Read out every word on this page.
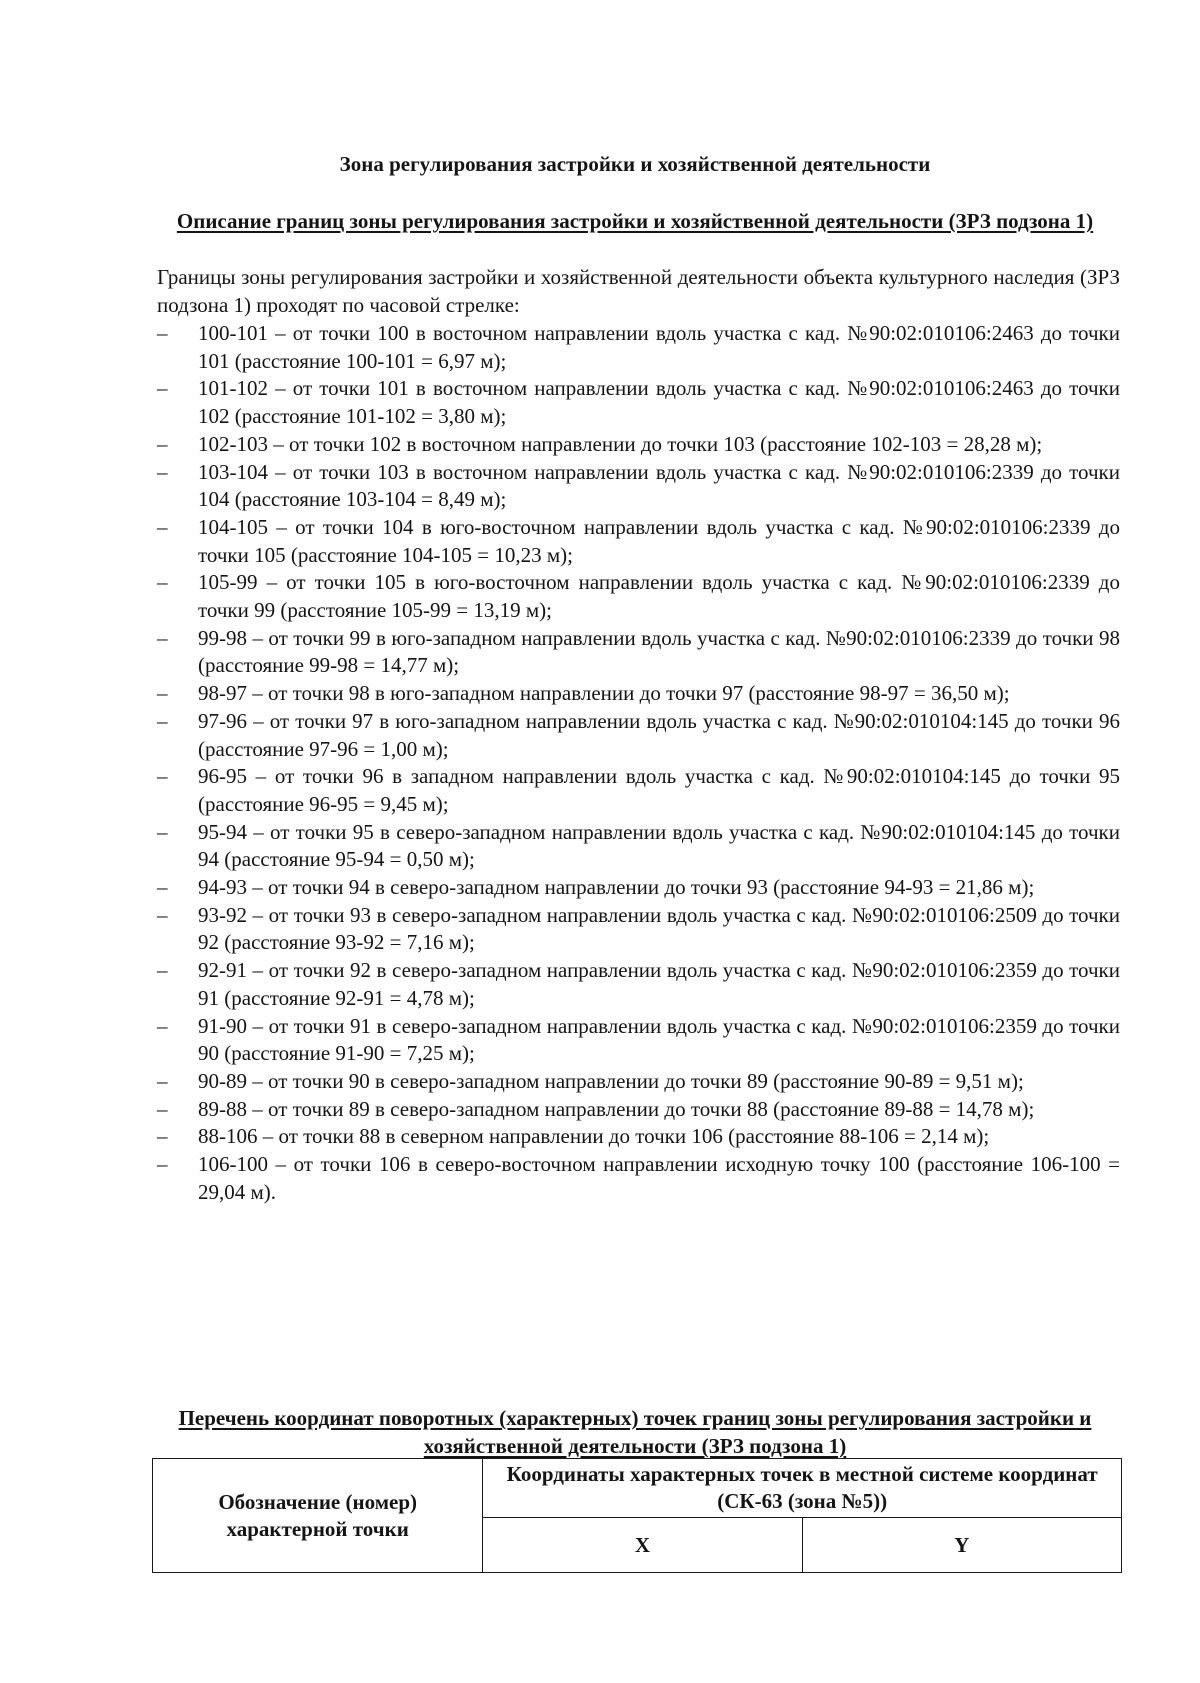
Зона регулирования застройки и хозяйственной деятельности
Описание границ зоны регулирования застройки и хозяйственной деятельности (ЗРЗ подзона 1)
Границы зоны регулирования застройки и хозяйственной деятельности объекта культурного наследия (ЗРЗ подзона 1) проходят по часовой стрелке:
– 100-101 – от точки 100 в восточном направлении вдоль участка с кад. №90:02:010106:2463 до точки 101 (расстояние 100-101 = 6,97 м);
– 101-102 – от точки 101 в восточном направлении вдоль участка с кад. №90:02:010106:2463 до точки 102 (расстояние 101-102 = 3,80 м);
– 102-103 – от точки 102 в восточном направлении до точки 103 (расстояние 102-103 = 28,28 м);
– 103-104 – от точки 103 в восточном направлении вдоль участка с кад. №90:02:010106:2339 до точки 104 (расстояние 103-104 = 8,49 м);
– 104-105 – от точки 104 в юго-восточном направлении вдоль участка с кад. №90:02:010106:2339 до точки 105 (расстояние 104-105 = 10,23 м);
– 105-99 – от точки 105 в юго-восточном направлении вдоль участка с кад. №90:02:010106:2339 до точки 99 (расстояние 105-99 = 13,19 м);
– 99-98 – от точки 99 в юго-западном направлении вдоль участка с кад. №90:02:010106:2339 до точки 98 (расстояние 99-98 = 14,77 м);
– 98-97 – от точки 98 в юго-западном направлении до точки 97 (расстояние 98-97 = 36,50 м);
– 97-96 – от точки 97 в юго-западном направлении вдоль участка с кад. №90:02:010104:145 до точки 96 (расстояние 97-96 = 1,00 м);
– 96-95 – от точки 96 в западном направлении вдоль участка с кад. №90:02:010104:145 до точки 95 (расстояние 96-95 = 9,45 м);
– 95-94 – от точки 95 в северо-западном направлении вдоль участка с кад. №90:02:010104:145 до точки 94 (расстояние 95-94 = 0,50 м);
– 94-93 – от точки 94 в северо-западном направлении до точки 93 (расстояние 94-93 = 21,86 м);
– 93-92 – от точки 93 в северо-западном направлении вдоль участка с кад. №90:02:010106:2509 до точки 92 (расстояние 93-92 = 7,16 м);
– 92-91 – от точки 92 в северо-западном направлении вдоль участка с кад. №90:02:010106:2359 до точки 91 (расстояние 92-91 = 4,78 м);
– 91-90 – от точки 91 в северо-западном направлении вдоль участка с кад. №90:02:010106:2359 до точки 90 (расстояние 91-90 = 7,25 м);
– 90-89 – от точки 90 в северо-западном направлении до точки 89 (расстояние 90-89 = 9,51 м);
– 89-88 – от точки 89 в северо-западном направлении до точки 88 (расстояние 89-88 = 14,78 м);
– 88-106 – от точки 88 в северном направлении до точки 106 (расстояние 88-106 = 2,14 м);
– 106-100 – от точки 106 в северо-восточном направлении исходную точку 100 (расстояние 106-100 = 29,04 м).
Перечень координат поворотных (характерных) точек границ зоны регулирования застройки и хозяйственной деятельности (ЗРЗ подзона 1)
Обозначение (номер) характерной точки	Координаты характерных точек в местной системе координат (СК-63 (зона №5))	
	X	Y
